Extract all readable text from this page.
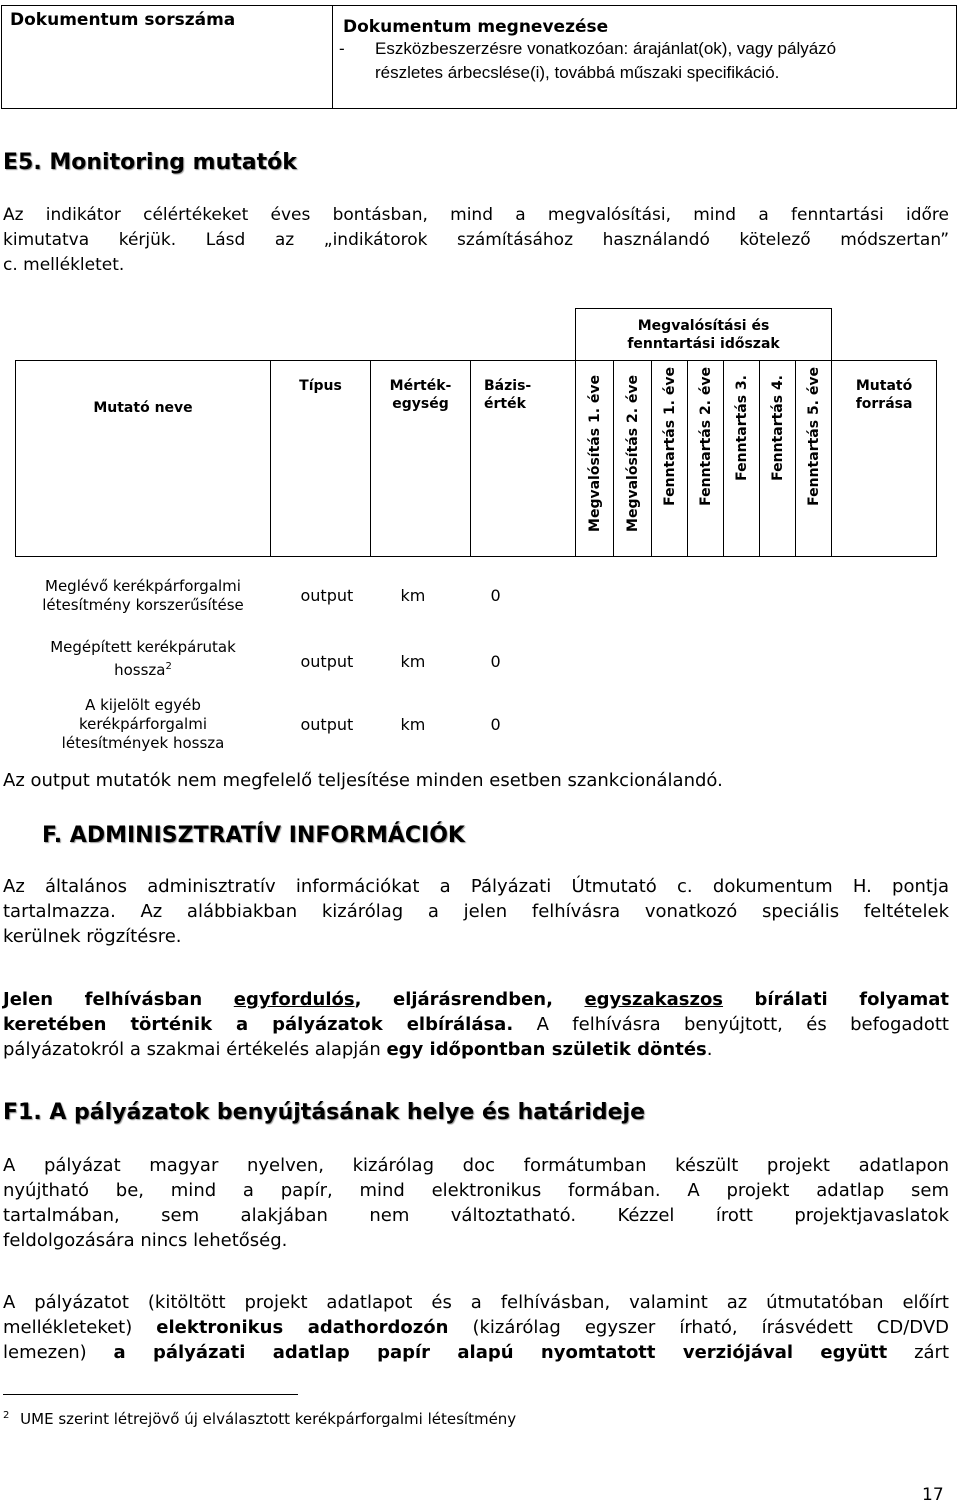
Dokumentum sorszáma	Dokumentum megnevezése
- Eszközbeszerzésre vonatkozóan: árajánlat(ok), vagy pályázó
részletes árbecslése(i), továbbá műszaki specifikáció.
E5. Monitoring mutatók
Az indikátor célértékeket éves bontásban, mind a megvalósítási, mind a fenntartási időre
kimutatva kérjük. Lásd az „indikátorok számításához használandó kötelező módszertan”
c. mellékletet.

				Megvalósítási és fenntartási időszak							

Mutató neve	Típus	Mérték-egység	Bázis-érték	Megvalósítás 1. éve	Megvalósítás 2. éve	Fenntartás 1. éve	Fenntartás 2. éve	Fenntartás 3.	Fenntartás 4.	Fenntartás 5. éve	Mutató forrása

Meglévő kerékpárforgalmi
létesítmény korszerűsítése	output	km	0								

Megépített kerékpárutak
hossza$^2$	output	km	0								

A kijelölt egyéb
kerékpárforgalmi
létesítmények hossza	output	km	0								
Az output mutatók nem megfelelő teljesítése minden esetben szankcionálandó.
F. ADMINISZTRATÍV INFORMÁCIÓK
Az általános adminisztratív információkat a Pályázati Útmutató c. dokumentum H. pontja
tartalmazza. Az alábbiakban kizárólag a jelen felhívásra vonatkozó speciális feltételek
kerülnek rögzítésre.
Jelen felhívásban egyfordulós, eljárásrendben, egyszakaszos bírálati folyamat
keretében történik a pályázatok elbírálása. A felhívásra benyújtott, és befogadott
pályázatokról a szakmai értékelés alapján egy időpontban születik döntés.
F1. A pályázatok benyújtásának helye és határideje
A pályázat magyar nyelven, kizárólag doc formátumban készült projekt adatlapon
nyújtható be, mind a papír, mind elektronikus formában. A projekt adatlap sem
tartalmában, sem alakjában nem változtatható. Kézzel írott projektjavaslatok
feldolgozására nincs lehetőség.
A pályázatot (kitöltött projekt adatlapot és a felhívásban, valamint az útmutatóban előírt
mellékleteket) elektronikus adathordozón (kizárólag egyszer írható, írásvédett CD/DVD
lemezen) a pályázati adatlap papír alapú nyomtatott verziójával együtt zárt
$^2$ UME szerint létrejövő új elválasztott kerékpárforgalmi létesítmény
17
